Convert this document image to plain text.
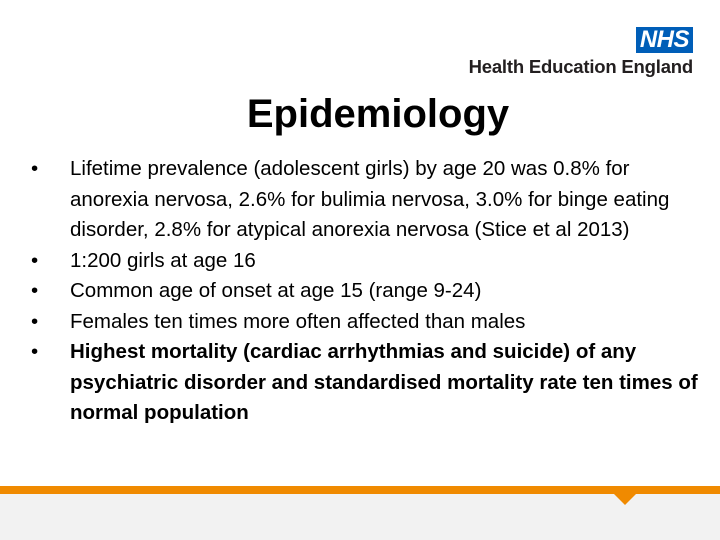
NHS
Health Education England
Epidemiology
• Lifetime prevalence (adolescent girls) by age 20 was 0.8% for anorexia nervosa, 2.6% for bulimia nervosa, 3.0% for binge eating disorder, 2.8% for atypical anorexia nervosa (Stice et al 2013)
• 1:200 girls at age 16
• Common age of onset at age 15 (range 9-24)
• Females ten times more often affected than males
• Highest mortality (cardiac arrhythmias and suicide) of any psychiatric disorder and standardised mortality rate ten times of normal population
